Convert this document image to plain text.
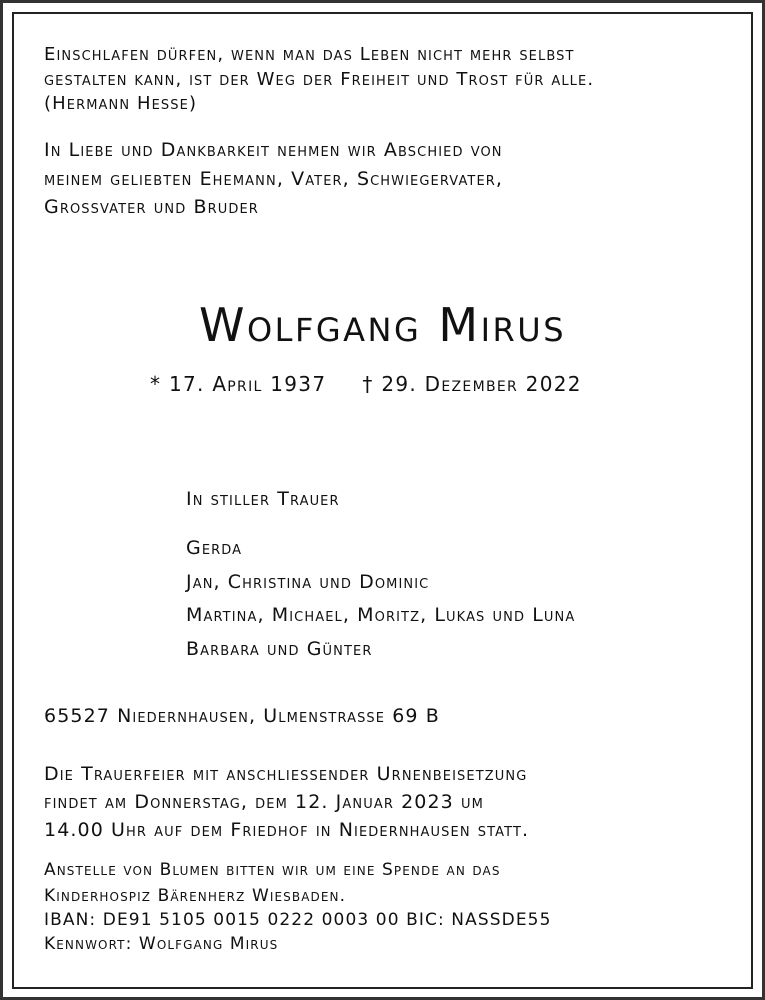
Einschlafen dürfen, wenn man das Leben nicht mehr selbst
gestalten kann, ist der Weg der Freiheit und Trost für alle.
(Hermann Hesse)
In Liebe und Dankbarkeit nehmen wir Abschied von
meinem geliebten Ehemann, Vater, Schwiegervater,
Grossvater und Bruder
Wolfgang Mirus
* 17. April 1937 † 29. Dezember 2022
In stiller Trauer
Gerda
Jan, Christina und Dominic
Martina, Michael, Moritz, Lukas und Luna
Barbara und Günter
65527 Niedernhausen, Ulmenstrasse 69 B
Die Trauerfeier mit anschliessender Urnenbeisetzung
findet am Donnerstag, dem 12. Januar 2023 um
14.00 Uhr auf dem Friedhof in Niedernhausen statt.
Anstelle von Blumen bitten wir um eine Spende an das
Kinderhospiz Bärenherz Wiesbaden.
IBAN: DE91 5105 0015 0222 0003 00 BIC: NASSDE55
Kennwort: Wolfgang Mirus
